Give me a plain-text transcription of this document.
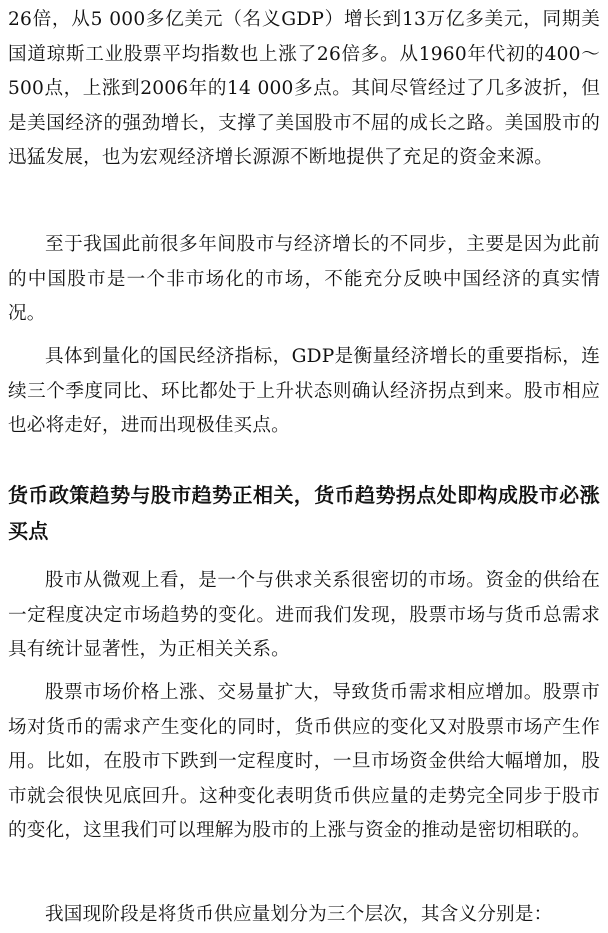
26倍，从5 000多亿美元（名义GDP）增长到13万亿多美元，同期美国道琼斯工业股票平均指数也上涨了26倍多。从1960年代初的400～500点，上涨到2006年的14 000多点。其间尽管经过了几多波折，但是美国经济的强劲增长，支撑了美国股市不屈的成长之路。美国股市的迅猛发展，也为宏观经济增长源源不断地提供了充足的资金来源。

至于我国此前很多年间股市与经济增长的不同步，主要是因为此前的中国股市是一个非市场化的市场，不能充分反映中国经济的真实情况。

具体到量化的国民经济指标，GDP是衡量经济增长的重要指标，连续三个季度同比、环比都处于上升状态则确认经济拐点到来。股市相应也必将走好，进而出现极佳买点。

货币政策趋势与股市趋势正相关，货币趋势拐点处即构成股市必涨买点

股市从微观上看，是一个与供求关系很密切的市场。资金的供给在一定程度决定市场趋势的变化。进而我们发现，股票市场与货币总需求具有统计显著性，为正相关关系。

股票市场价格上涨、交易量扩大，导致货币需求相应增加。股票市场对货币的需求产生变化的同时，货币供应的变化又对股票市场产生作用。比如，在股市下跌到一定程度时，一旦市场资金供给大幅增加，股市就会很快见底回升。这种变化表明货币供应量的走势完全同步于股市的变化，这里我们可以理解为股市的上涨与资金的推动是密切相联的。

我国现阶段是将货币供应量划分为三个层次，其含义分别是：
